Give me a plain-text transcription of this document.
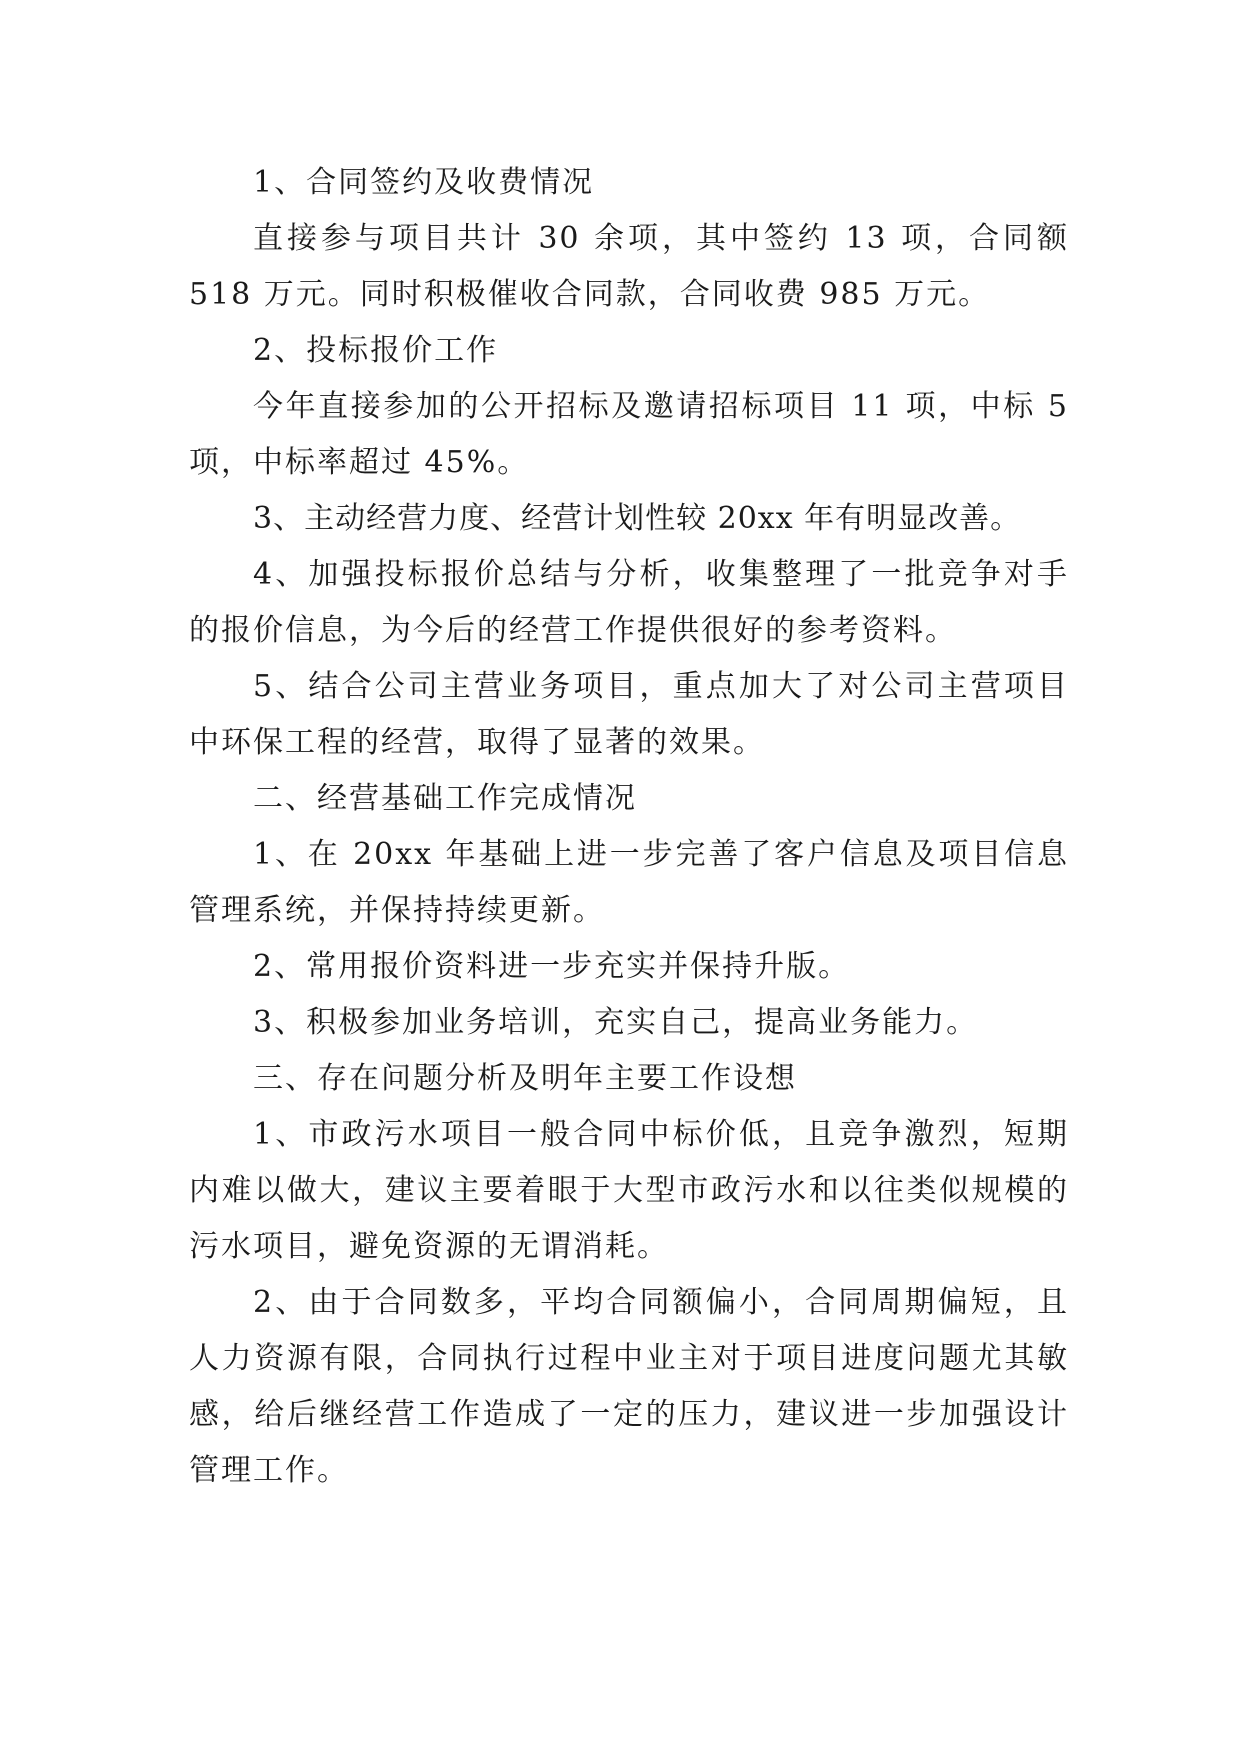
1、合同签约及收费情况

直接参与项目共计 30 余项，其中签约 13 项，合同额 518 万元。同时积极催收合同款，合同收费 985 万元。

2、投标报价工作

今年直接参加的公开招标及邀请招标项目 11 项，中标 5 项，中标率超过 45%。

3、主动经营力度、经营计划性较 20xx 年有明显改善。

4、加强投标报价总结与分析，收集整理了一批竞争对手的报价信息，为今后的经营工作提供很好的参考资料。

5、结合公司主营业务项目，重点加大了对公司主营项目中环保工程的经营，取得了显著的效果。

二、经营基础工作完成情况

1、在 20xx 年基础上进一步完善了客户信息及项目信息管理系统，并保持持续更新。

2、常用报价资料进一步充实并保持升版。

3、积极参加业务培训，充实自己，提高业务能力。

三、存在问题分析及明年主要工作设想

1、市政污水项目一般合同中标价低，且竞争激烈，短期内难以做大，建议主要着眼于大型市政污水和以往类似规模的污水项目，避免资源的无谓消耗。

2、由于合同数多，平均合同额偏小，合同周期偏短，且人力资源有限，合同执行过程中业主对于项目进度问题尤其敏感，给后继经营工作造成了一定的压力，建议进一步加强设计管理工作。
